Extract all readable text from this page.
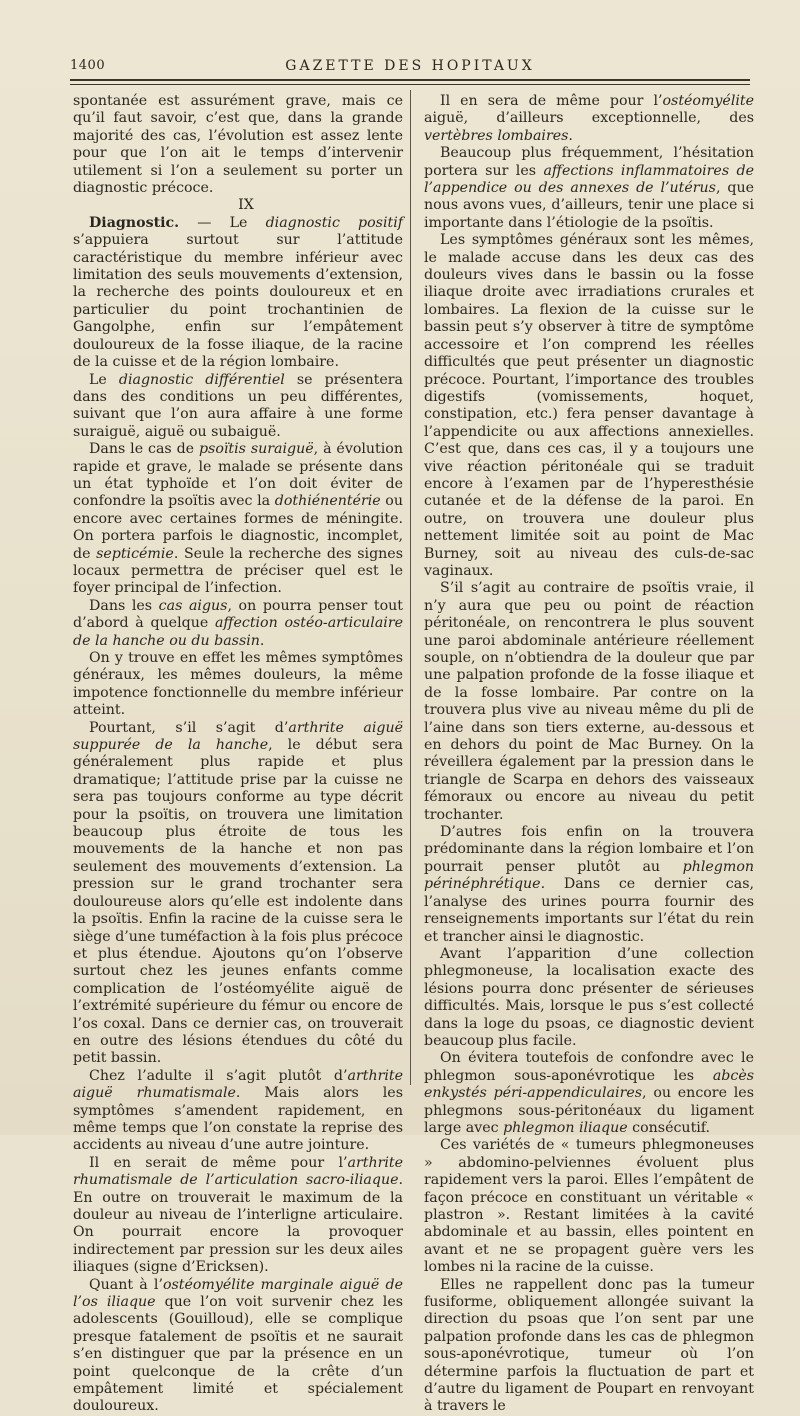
1400	GAZETTE DES HOPITAUX

spontanée est assurément grave, mais ce qu’il faut savoir, c’est que, dans la grande majorité des cas, l’évolution est assez lente pour que l’on ait le temps d’intervenir utilement si l’on a seulement su porter un diagnostic précoce.

IX

Diagnostic. — Le diagnostic positif s’appuiera surtout sur l’attitude caractéristique du membre inférieur avec limitation des seuls mouvements d’extension, la recherche des points douloureux et en particulier du point trochantinien de Gangolphe, enfin sur l’empâtement douloureux de la fosse iliaque, de la racine de la cuisse et de la région lombaire.

Le diagnostic différentiel se présentera dans des conditions un peu différentes, suivant que l’on aura affaire à une forme suraiguë, aiguë ou subaiguë.

Dans le cas de psoïtis suraiguë, à évolution rapide et grave, le malade se présente dans un état typhoïde et l’on doit éviter de confondre la psoïtis avec la dothiénentérie ou encore avec certaines formes de méningite. On portera parfois le diagnostic, incomplet, de septicémie. Seule la recherche des signes locaux permettra de préciser quel est le foyer principal de l’infection.

Dans les cas aigus, on pourra penser tout d’abord à quelque affection ostéo-articulaire de la hanche ou du bassin.

On y trouve en effet les mêmes symptômes généraux, les mêmes douleurs, la même impotence fonctionnelle du membre inférieur atteint.

Pourtant, s’il s’agit d’arthrite aiguë suppurée de la hanche, le début sera généralement plus rapide et plus dramatique; l’attitude prise par la cuisse ne sera pas toujours conforme au type décrit pour la psoïtis, on trouvera une limitation beaucoup plus étroite de tous les mouvements de la hanche et non pas seulement des mouvements d’extension. La pression sur le grand trochanter sera douloureuse alors qu’elle est indolente dans la psoïtis. Enfin la racine de la cuisse sera le siège d’une tuméfaction à la fois plus précoce et plus étendue. Ajoutons qu’on l’observe surtout chez les jeunes enfants comme complication de l’ostéomyélite aiguë de l’extrémité supérieure du fémur ou encore de l’os coxal. Dans ce dernier cas, on trouverait en outre des lésions étendues du côté du petit bassin.

Chez l’adulte il s’agit plutôt d’arthrite aiguë rhumatismale. Mais alors les symptômes s’amendent rapidement, en même temps que l’on constate la reprise des accidents au niveau d’une autre jointure.

Il en serait de même pour l’arthrite rhumatismale de l’articulation sacro-iliaque. En outre on trouverait le maximum de la douleur au niveau de l’interligne articulaire. On pourrait encore la provoquer indirectement par pression sur les deux ailes iliaques (signe d’Ericksen).

Quant à l’ostéomyélite marginale aiguë de l’os iliaque que l’on voit survenir chez les adolescents (Gouilloud), elle se complique presque fatalement de psoïtis et ne saurait s’en distinguer que par la présence en un point quelconque de la crête d’un empâtement limité et spécialement douloureux.

Il en sera de même pour l’ostéomyélite aiguë, d’ailleurs exceptionnelle, des vertèbres lombaires.

Beaucoup plus fréquemment, l’hésitation portera sur les affections inflammatoires de l’appendice ou des annexes de l’utérus, que nous avons vues, d’ailleurs, tenir une place si importante dans l’étiologie de la psoïtis.

Les symptômes généraux sont les mêmes, le malade accuse dans les deux cas des douleurs vives dans le bassin ou la fosse iliaque droite avec irradiations crurales et lombaires. La flexion de la cuisse sur le bassin peut s’y observer à titre de symptôme accessoire et l’on comprend les réelles difficultés que peut présenter un diagnostic précoce. Pourtant, l’importance des troubles digestifs (vomissements, hoquet, constipation, etc.) fera penser davantage à l’appendicite ou aux affections annexielles. C’est que, dans ces cas, il y a toujours une vive réaction péritonéale qui se traduit encore à l’examen par de l’hyperesthésie cutanée et de la défense de la paroi. En outre, on trouvera une douleur plus nettement limitée soit au point de Mac Burney, soit au niveau des culs-de-sac vaginaux.

S’il s’agit au contraire de psoïtis vraie, il n’y aura que peu ou point de réaction péritonéale, on rencontrera le plus souvent une paroi abdominale antérieure réellement souple, on n’obtiendra de la douleur que par une palpation profonde de la fosse iliaque et de la fosse lombaire. Par contre on la trouvera plus vive au niveau même du pli de l’aine dans son tiers externe, au-dessous et en dehors du point de Mac Burney. On la réveillera également par la pression dans le triangle de Scarpa en dehors des vaisseaux fémoraux ou encore au niveau du petit trochanter.

D’autres fois enfin on la trouvera prédominante dans la région lombaire et l’on pourrait penser plutôt au phlegmon périnéphrétique. Dans ce dernier cas, l’analyse des urines pourra fournir des renseignements importants sur l’état du rein et trancher ainsi le diagnostic.

Avant l’apparition d’une collection phlegmoneuse, la localisation exacte des lésions pourra donc présenter de sérieuses difficultés. Mais, lorsque le pus s’est collecté dans la loge du psoas, ce diagnostic devient beaucoup plus facile.

On évitera toutefois de confondre avec le phlegmon sous-aponévrotique les abcès enkystés péri-appendiculaires, ou encore les phlegmons sous-péritonéaux du ligament large avec phlegmon iliaque consécutif.

Ces variétés de « tumeurs phlegmoneuses » abdomino-pelviennes évoluent plus rapidement vers la paroi. Elles l’empâtent de façon précoce en constituant un véritable « plastron ». Restant limitées à la cavité abdominale et au bassin, elles pointent en avant et ne se propagent guère vers les lombes ni la racine de la cuisse.

Elles ne rappellent donc pas la tumeur fusiforme, obliquement allongée suivant la direction du psoas que l’on sent par une palpation profonde dans les cas de phlegmon sous-aponévrotique, tumeur où l’on détermine parfois la fluctuation de part et d’autre du ligament de Poupart en renvoyant à travers le
